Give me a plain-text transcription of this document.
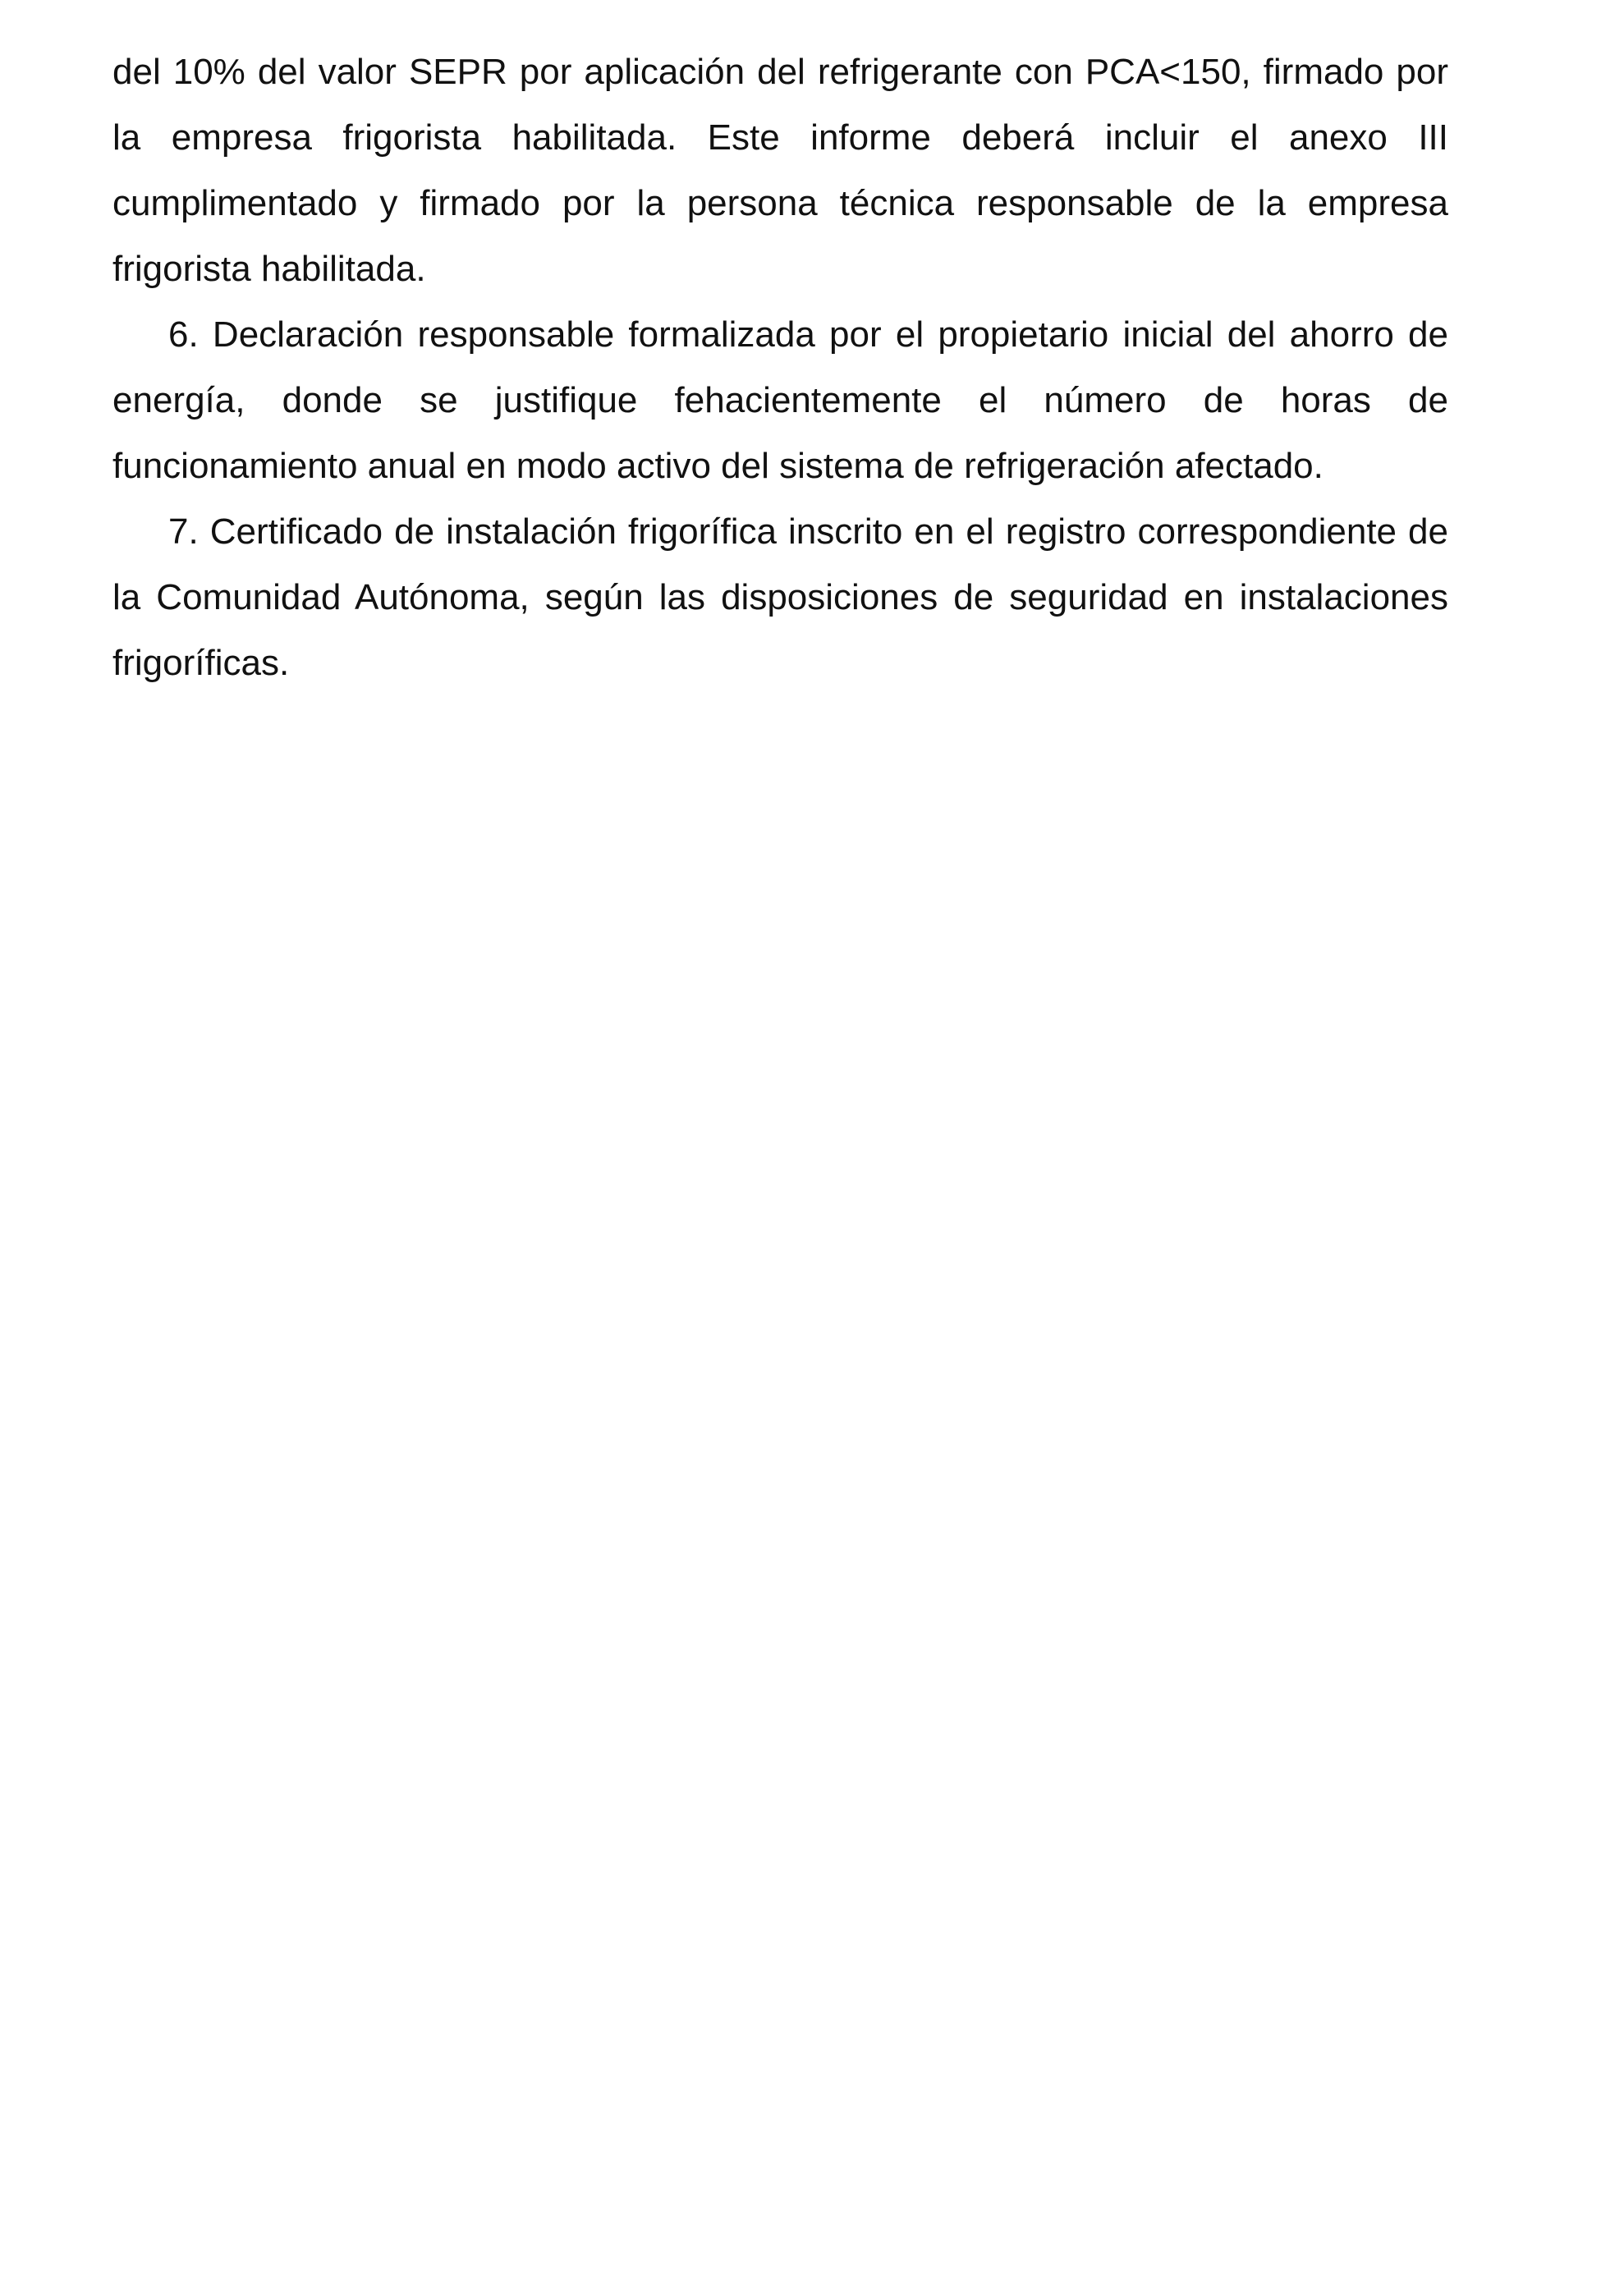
del 10% del valor SEPR por aplicación del refrigerante con PCA<150, firmado por la empresa frigorista habilitada. Este informe deberá incluir el anexo III cumplimentado y firmado por la persona técnica responsable de la empresa frigorista habilitada.

6. Declaración responsable formalizada por el propietario inicial del ahorro de energía, donde se justifique fehacientemente el número de horas de funcionamiento anual en modo activo del sistema de refrigeración afectado.

7. Certificado de instalación frigorífica inscrito en el registro correspondiente de la Comunidad Autónoma, según las disposiciones de seguridad en instalaciones frigoríficas.
